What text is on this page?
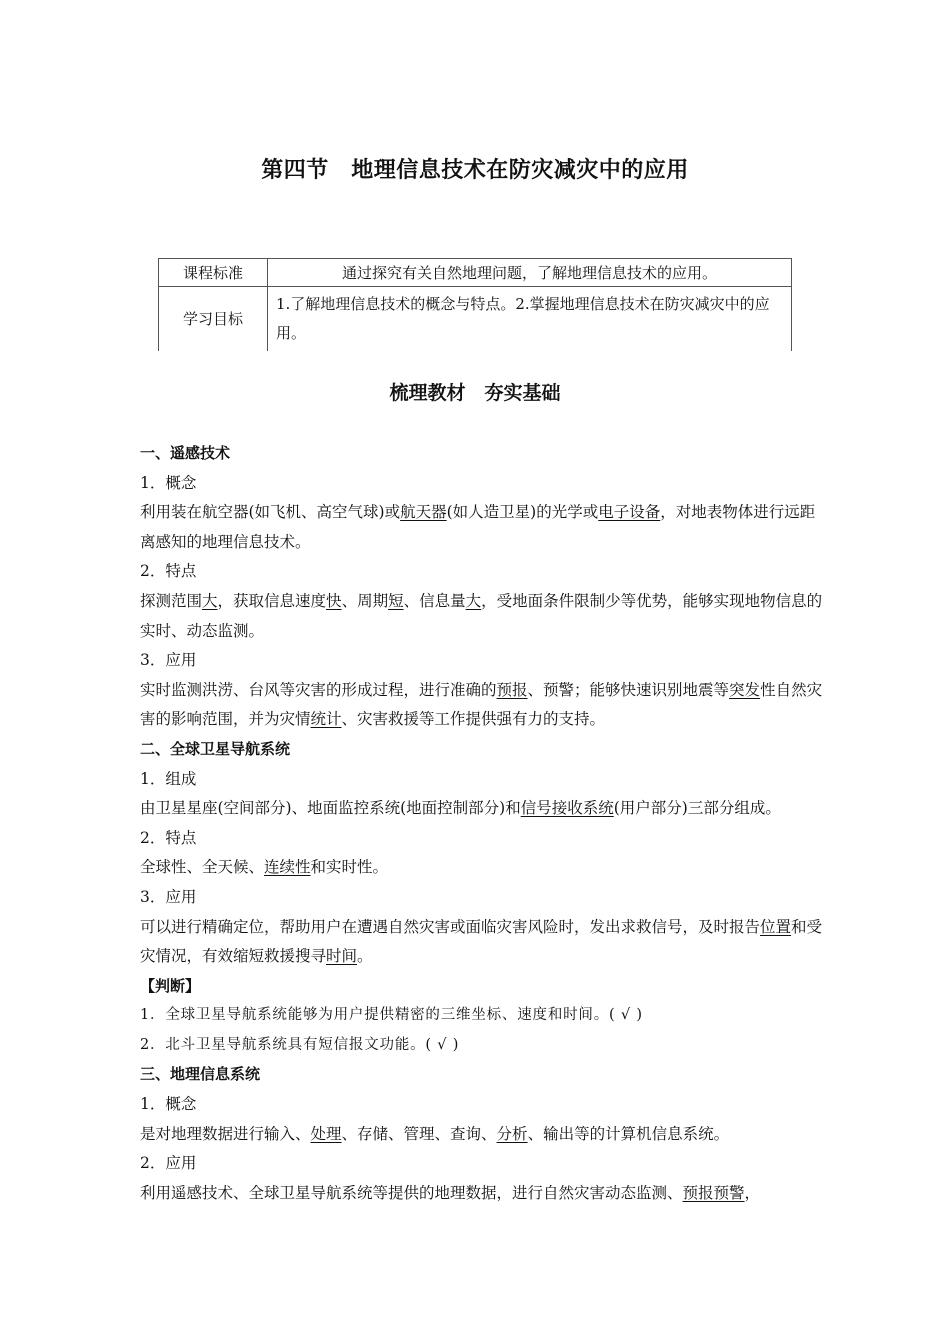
第四节　地理信息技术在防灾减灾中的应用
课程标准	通过探究有关自然地理问题，了解地理信息技术的应用。
学习目标	1.了解地理信息技术的概念与特点。2.掌握地理信息技术在防灾减灾中的应用。
梳理教材　夯实基础

一、遥感技术

1．概念

利用装在航空器(如飞机、高空气球)或航天器(如人造卫星)的光学或电子设备，对地表物体进行远距离感知的地理信息技术。

2．特点

探测范围大，获取信息速度快、周期短、信息量大，受地面条件限制少等优势，能够实现地物信息的实时、动态监测。

3．应用

实时监测洪涝、台风等灾害的形成过程，进行准确的预报、预警；能够快速识别地震等突发性自然灾害的影响范围，并为灾情统计、灾害救援等工作提供强有力的支持。

二、全球卫星导航系统

1．组成

由卫星星座(空间部分)、地面监控系统(地面控制部分)和信号接收系统(用户部分)三部分组成。

2．特点

全球性、全天候、连续性和实时性。

3．应用

可以进行精确定位，帮助用户在遭遇自然灾害或面临灾害风险时，发出求救信号，及时报告位置和受灾情况，有效缩短救援搜寻时间。

【判断】

1．全球卫星导航系统能够为用户提供精密的三维坐标、速度和时间。( √ )

2．北斗卫星导航系统具有短信报文功能。( √ )

三、地理信息系统

1．概念

是对地理数据进行输入、处理、存储、管理、查询、分析、输出等的计算机信息系统。

2．应用

利用遥感技术、全球卫星导航系统等提供的地理数据，进行自然灾害动态监测、预报预警，
